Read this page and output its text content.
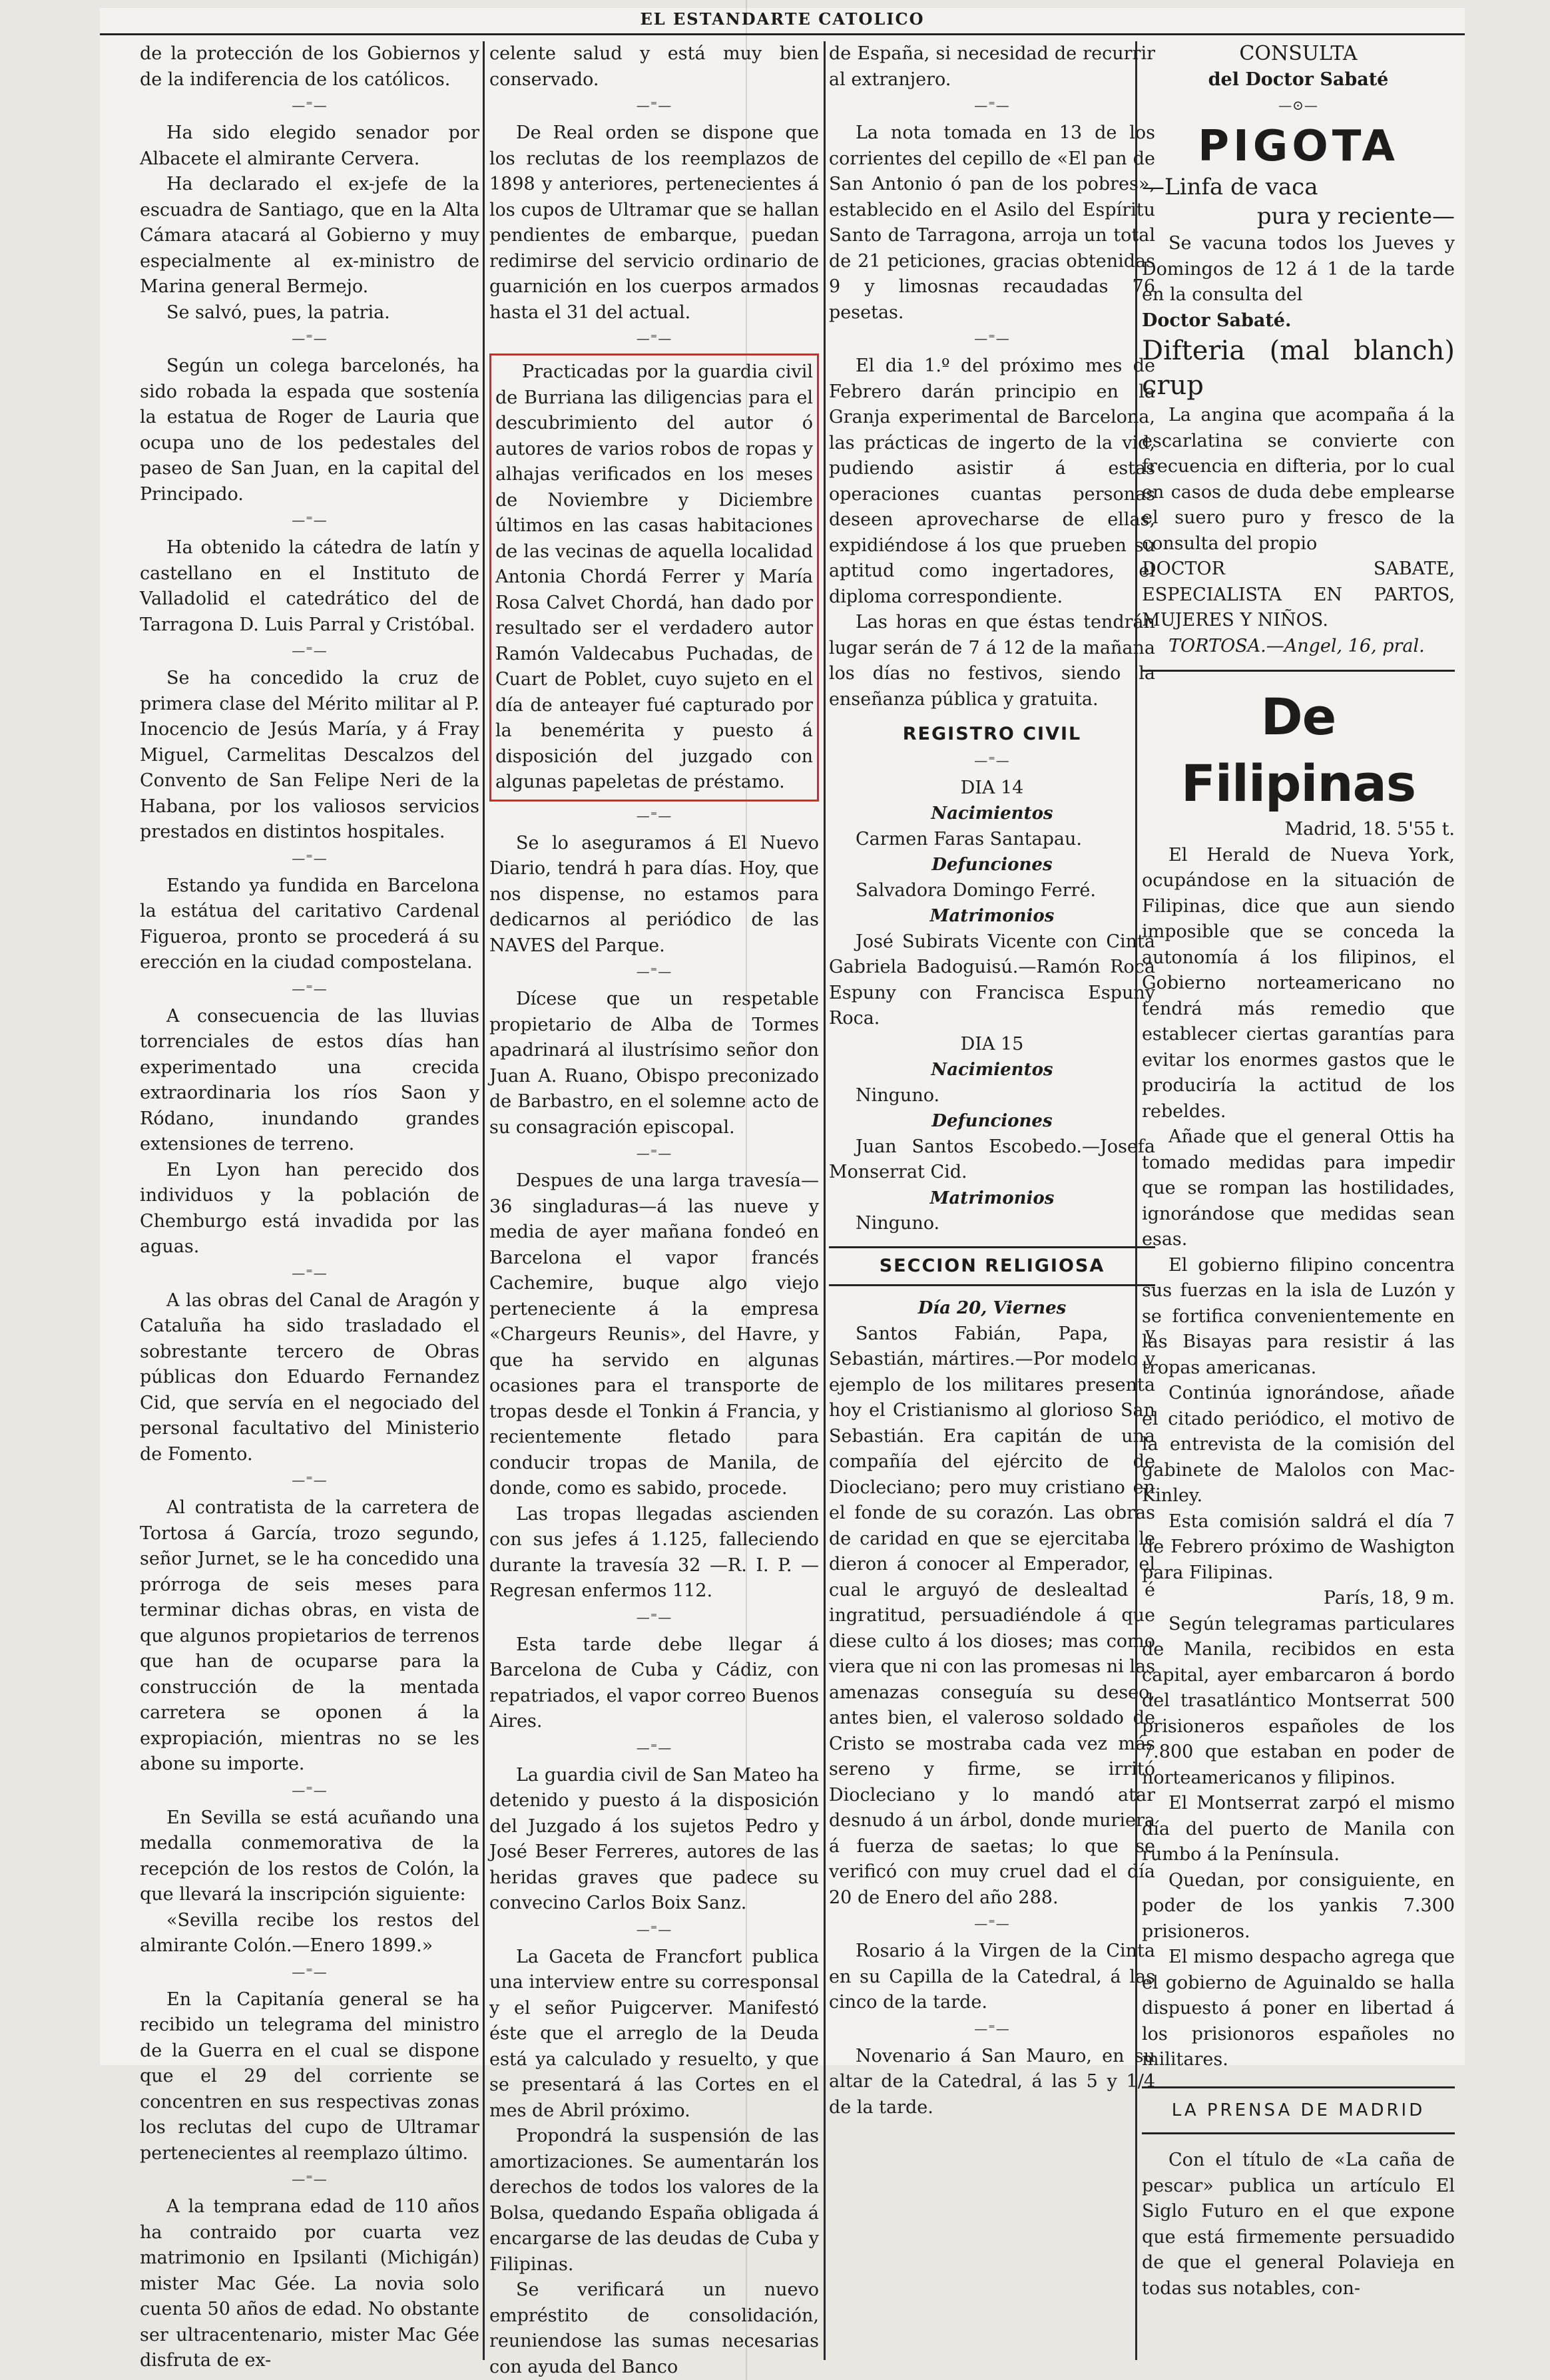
EL ESTANDARTE CATOLICO

de la protección de los Gobiernos y de la indiferencia de los católicos.

—⁼—

Ha sido elegido senador por Albacete el almirante Cervera.

Ha declarado el ex-jefe de la escuadra de Santiago, que en la Alta Cámara atacará al Gobierno y muy especialmente al ex-ministro de Marina general Bermejo.

Se salvó, pues, la patria.

—⁼—

Según un colega barcelonés, ha sido robada la espada que sostenía la estatua de Roger de Lauria que ocupa uno de los pedestales del paseo de San Juan, en la capital del Principado.

—⁼—

Ha obtenido la cátedra de latín y castellano en el Instituto de Valladolid el catedrático del de Tarragona D. Luis Parral y Cristóbal.

—⁼—

Se ha concedido la cruz de primera clase del Mérito militar al P. Inocencio de Jesús María, y á Fray Miguel, Carmelitas Descalzos del Convento de San Felipe Neri de la Habana, por los valiosos servicios prestados en distintos hospitales.

—⁼—

Estando ya fundida en Barcelona la estátua del caritativo Cardenal Figueroa, pronto se procederá á su erección en la ciudad compostelana.

—⁼—

A consecuencia de las lluvias torrenciales de estos días han experimentado una crecida extraordinaria los ríos Saon y Ródano, inundando grandes extensiones de terreno.

En Lyon han perecido dos individuos y la población de Chemburgo está invadida por las aguas.

—⁼—

A las obras del Canal de Aragón y Cataluña ha sido trasladado el sobrestante tercero de Obras públicas don Eduardo Fernandez Cid, que servía en el negociado del personal facultativo del Ministerio de Fomento.

—⁼—

Al contratista de la carretera de Tortosa á García, trozo segundo, señor Jurnet, se le ha concedido una prórroga de seis meses para terminar dichas obras, en vista de que algunos propietarios de terrenos que han de ocuparse para la construcción de la mentada carretera se oponen á la expropiación, mientras no se les abone su importe.

—⁼—

En Sevilla se está acuñando una medalla conmemorativa de la recepción de los restos de Colón, la que llevará la inscripción siguiente:

«Sevilla recibe los restos del almirante Colón.—Enero 1899.»

—⁼—

En la Capitanía general se ha recibido un telegrama del ministro de la Guerra en el cual se dispone que el 29 del corriente se concentren en sus respectivas zonas los reclutas del cupo de Ultramar pertenecientes al reemplazo último.

—⁼—

A la temprana edad de 110 años ha contraido por cuarta vez matrimonio en Ipsilanti (Michigán) mister Mac Gée. La novia solo cuenta 50 años de edad. No obstante ser ultracentenario, mister Mac Gée disfruta de ex-

celente salud y está muy bien conservado.

—⁼—

De Real orden se dispone que los reclutas de los reemplazos de 1898 y anteriores, pertenecientes á los cupos de Ultramar que se hallan pendientes de embarque, puedan redimirse del servicio ordinario de guarnición en los cuerpos armados hasta el 31 del actual.

—⁼—

Practicadas por la guardia civil de Burriana las diligencias para el descubrimiento del autor ó autores de varios robos de ropas y alhajas verificados en los meses de Noviembre y Diciembre últimos en las casas habitaciones de las vecinas de aquella localidad Antonia Chordá Ferrer y María Rosa Calvet Chordá, han dado por resultado ser el verdadero autor Ramón Valdecabus Puchadas, de Cuart de Poblet, cuyo sujeto en el día de anteayer fué capturado por la benemérita y puesto á disposición del juzgado con algunas papeletas de préstamo.

—⁼—

Se lo aseguramos á El Nuevo Diario, tendrá h para días. Hoy, que nos dispense, no estamos para dedicarnos al periódico de las NAVES del Parque.

—⁼—

Dícese que un respetable propietario de Alba de Tormes apadrinará al ilustrísimo señor don Juan A. Ruano, Obispo preconizado de Barbastro, en el solemne acto de su consagración episcopal.

—⁼—

Despues de una larga travesía—36 singladuras—á las nueve y media de ayer mañana fondeó en Barcelona el vapor francés Cachemire, buque algo viejo perteneciente á la empresa «Chargeurs Reunis», del Havre, y que ha servido en algunas ocasiones para el transporte de tropas desde el Tonkin á Francia, y recientemente fletado para conducir tropas de Manila, de donde, como es sabido, procede.

Las tropas llegadas ascienden con sus jefes á 1.125, falleciendo durante la travesía 32 —R. I. P. —Regresan enfermos 112.

—⁼—

Esta tarde debe llegar á Barcelona de Cuba y Cádiz, con repatriados, el vapor correo Buenos Aires.

—⁼—

La guardia civil de San Mateo ha detenido y puesto á la disposición del Juzgado á los sujetos Pedro y José Beser Ferreres, autores de las heridas graves que padece su convecino Carlos Boix Sanz.

—⁼—

La Gaceta de Francfort publica una interview entre su corresponsal y el señor Puigcerver. Manifestó éste que el arreglo de la Deuda está ya calculado y resuelto, y que se presentará á las Cortes en el mes de Abril próximo.

Propondrá la suspensión de las amortizaciones. Se aumentarán los derechos de todos los valores de la Bolsa, quedando España obligada á encargarse de las deudas de Cuba y Filipinas.

Se verificará un nuevo empréstito de consolidación, reuniendose las sumas necesarias con ayuda del Banco

de España, si necesidad de recurrir al extranjero.

—⁼—

La nota tomada en 13 de los corrientes del cepillo de «El pan de San Antonio ó pan de los pobres», establecido en el Asilo del Espíritu Santo de Tarragona, arroja un total de 21 peticiones, gracias obtenidas 9 y limosnas recaudadas 76 pesetas.

—⁼—

El dia 1.º del próximo mes de Febrero darán principio en la Granja experimental de Barcelona, las prácticas de ingerto de la vid, pudiendo asistir á estas operaciones cuantas personas deseen aprovecharse de ellas, expidiéndose á los que prueben su aptitud como ingertadores, el diploma correspondiente.

Las horas en que éstas tendrán lugar serán de 7 á 12 de la mañana los días no festivos, siendo la enseñanza pública y gratuita.

REGISTRO CIVIL
—⁼—

DIA 14

Nacimientos

Carmen Faras Santapau.

Defunciones

Salvadora Domingo Ferré.

Matrimonios

José Subirats Vicente con Cinta Gabriela Badoguisú.—Ramón Roca Espuny con Francisca Espuny Roca.

DIA 15

Nacimientos

Ninguno.

Defunciones

Juan Santos Escobedo.—Josefa Monserrat Cid.

Matrimonios

Ninguno.

SECCION RELIGIOSA

Día 20, Viernes

Santos Fabián, Papa, y Sebastián, mártires.—Por modelo y ejemplo de los militares presenta hoy el Cristianismo al glorioso San Sebastián. Era capitán de una compañía del ejército de de Diocleciano; pero muy cristiano en el fonde de su corazón. Las obras de caridad en que se ejercitaba le dieron á conocer al Emperador, el cual le arguyó de deslealtad é ingratitud, persuadiéndole á que diese culto á los dioses; mas como viera que ni con las promesas ni las amenazas conseguía su deseo, antes bien, el valeroso soldado de Cristo se mostraba cada vez más sereno y firme, se irritó Diocleciano y lo mandó atar desnudo á un árbol, donde muriera á fuerza de saetas; lo que se verificó con muy cruel dad el día 20 de Enero del año 288.

—⁼—

Rosario á la Virgen de la Cinta en su Capilla de la Catedral, á las cinco de la tarde.

—⁼—

Novenario á San Mauro, en su altar de la Catedral, á las 5 y 1/4 de la tarde.

CONSULTA

del Doctor Sabaté

—⊙—
PIGOTA

—Linfa de vaca

pura y reciente—

Se vacuna todos los Jueves y Domingos de 12 á 1 de la tarde en la consulta del

Doctor Sabaté.

Difteria (mal blanch) crup

La angina que acompaña á la escarlatina se convierte con frecuencia en difteria, por lo cual en casos de duda debe emplearse el suero puro y fresco de la consulta del propio

DOCTOR SABATE, ESPECIALISTA EN PARTOS, MUJERES Y NIÑOS.

TORTOSA.—Angel, 16, pral.

De Filipinas

Madrid, 18. 5'55 t.

El Herald de Nueva York, ocupándose en la situación de Filipinas, dice que aun siendo imposible que se conceda la autonomía á los filipinos, el Gobierno norteamericano no tendrá más remedio que establecer ciertas garantías para evitar los enormes gastos que le produciría la actitud de los rebeldes.

Añade que el general Ottis ha tomado medidas para impedir que se rompan las hostilidades, ignorándose que medidas sean esas.

El gobierno filipino concentra sus fuerzas en la isla de Luzón y se fortifica convenientemente en las Bisayas para resistir á las tropas americanas.

Continúa ignorándose, añade el citado periódico, el motivo de la entrevista de la comisión del gabinete de Malolos con Mac-Kinley.

Esta comisión saldrá el día 7 de Febrero próximo de Washigton para Filipinas.

París, 18, 9 m.

Según telegramas particulares de Manila, recibidos en esta capital, ayer embarcaron á bordo del trasatlántico Montserrat 500 prisioneros españoles de los 7.800 que estaban en poder de norteamericanos y filipinos.

El Montserrat zarpó el mismo día del puerto de Manila con rumbo á la Península.

Quedan, por consiguiente, en poder de los yankis 7.300 prisioneros.

El mismo despacho agrega que el gobierno de Aguinaldo se halla dispuesto á poner en libertad á los prisionoros españoles no militares.

LA PRENSA DE MADRID

Con el título de «La caña de pescar» publica un artículo El Siglo Futuro en el que expone que está firmemente persuadido de que el general Polavieja en todas sus notables, con-
